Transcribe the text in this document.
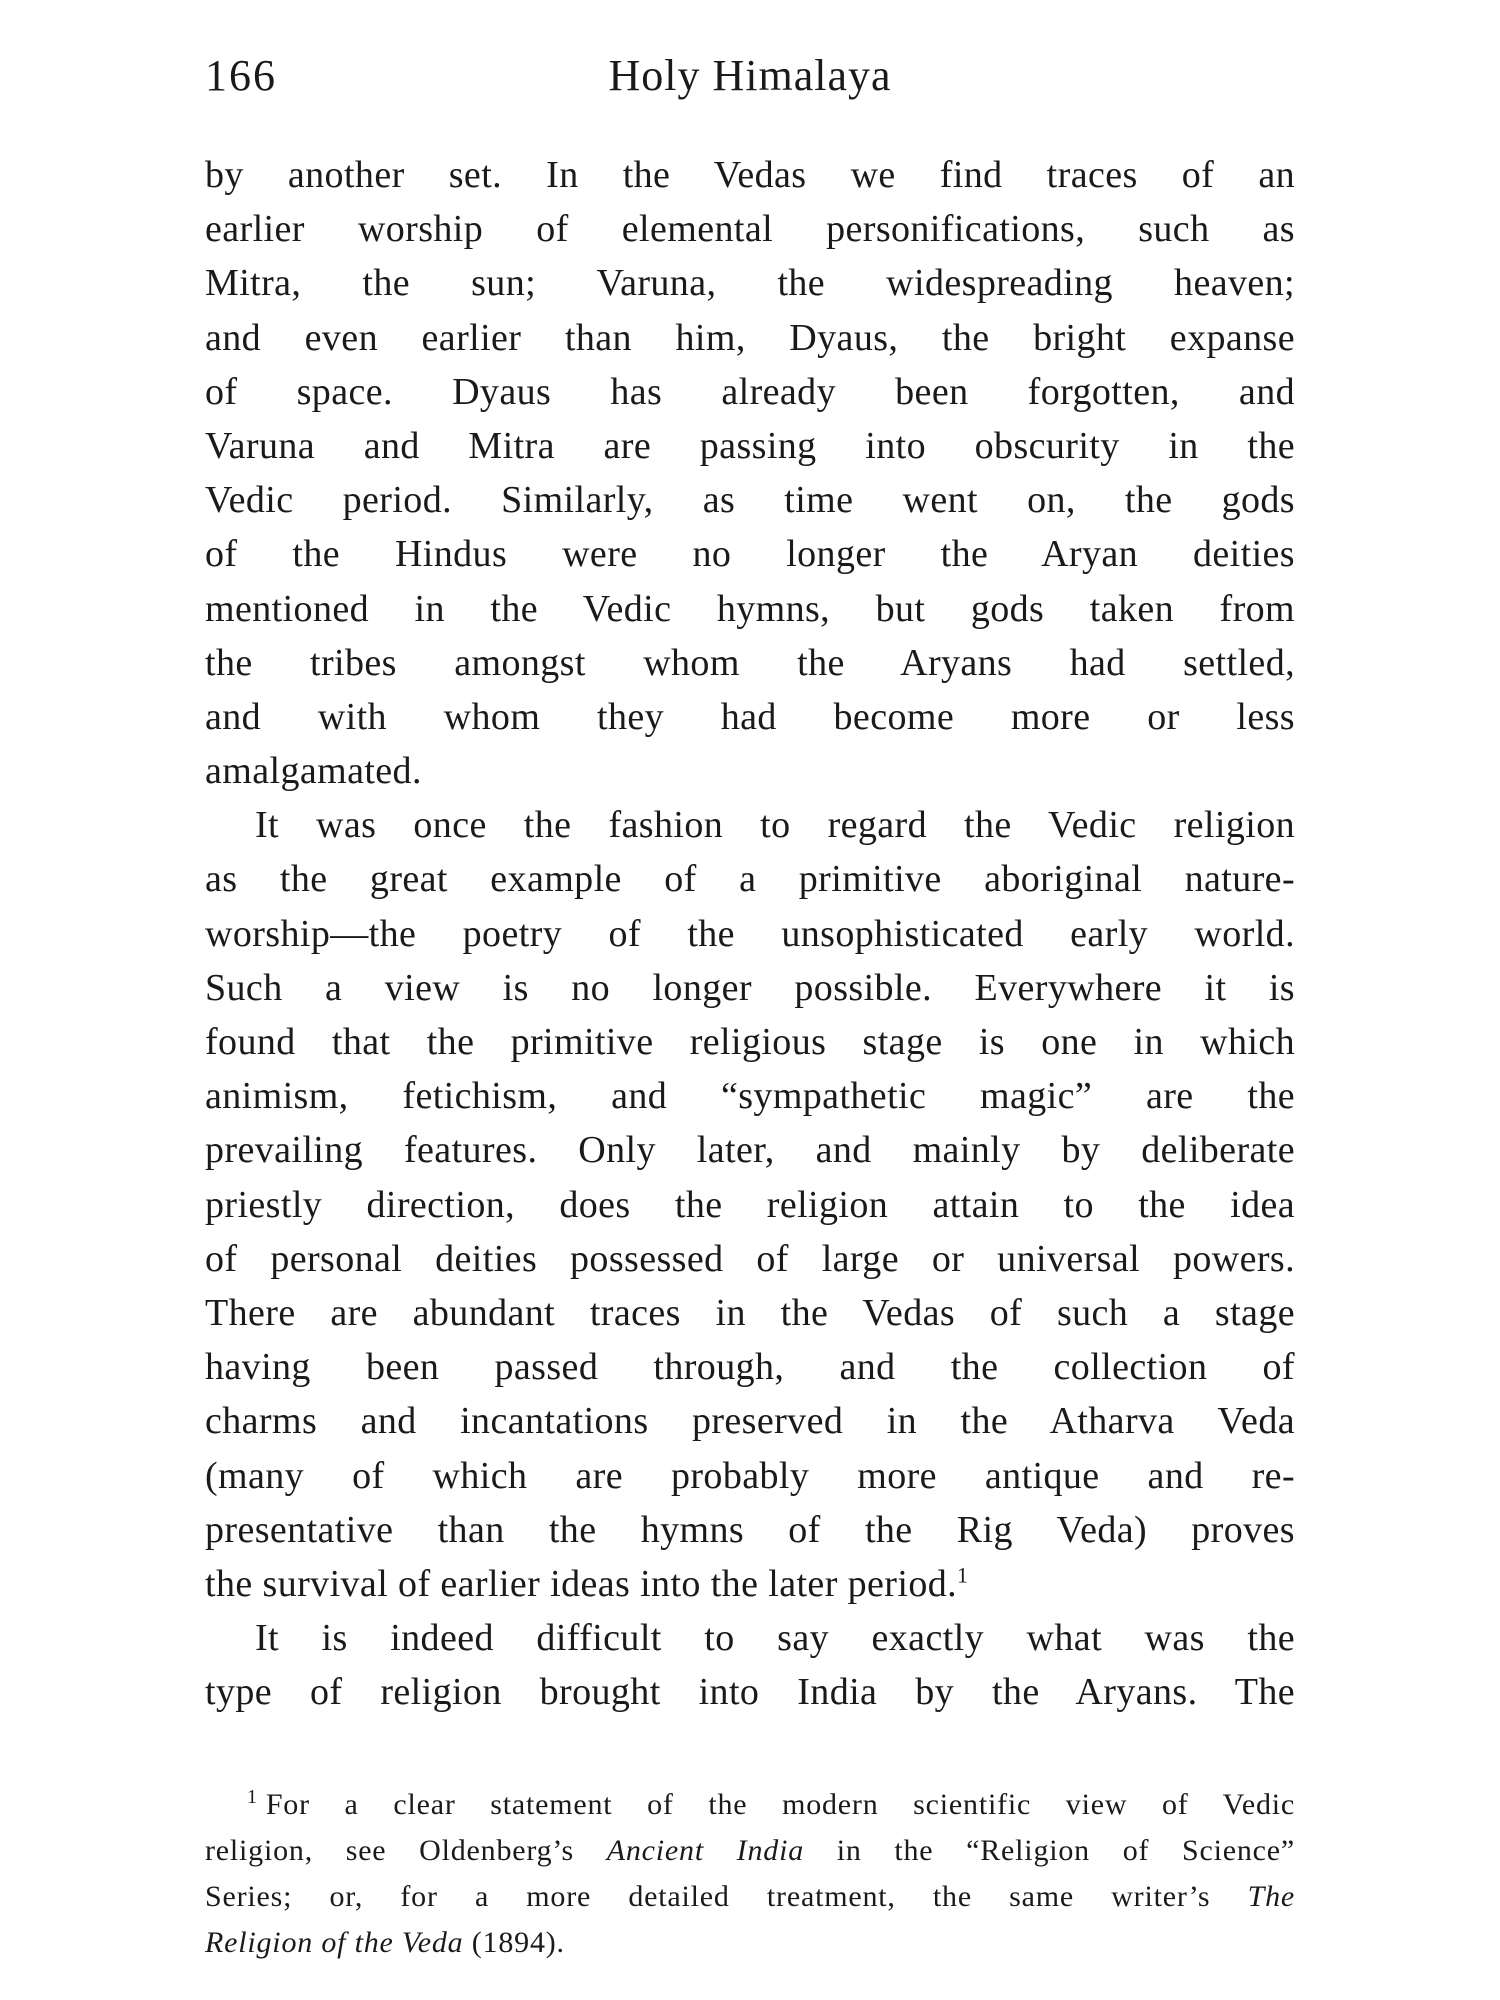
166	Holy Himalaya
by another set. In the Vedas we find traces of an
earlier worship of elemental personifications, such as
Mitra, the sun; Varuna, the widespreading heaven;
and even earlier than him, Dyaus, the bright expanse
of space. Dyaus has already been forgotten, and
Varuna and Mitra are passing into obscurity in the
Vedic period. Similarly, as time went on, the gods
of the Hindus were no longer the Aryan deities
mentioned in the Vedic hymns, but gods taken from
the tribes amongst whom the Aryans had settled,
and with whom they had become more or less
amalgamated.
It was once the fashion to regard the Vedic religion
as the great example of a primitive aboriginal nature-
worship—the poetry of the unsophisticated early world.
Such a view is no longer possible. Everywhere it is
found that the primitive religious stage is one in which
animism, fetichism, and “sympathetic magic” are the
prevailing features. Only later, and mainly by deliberate
priestly direction, does the religion attain to the idea
of personal deities possessed of large or universal powers.
There are abundant traces in the Vedas of such a stage
having been passed through, and the collection of
charms and incantations preserved in the Atharva Veda
(many of which are probably more antique and re-
presentative than the hymns of the Rig Veda) proves
the survival of earlier ideas into the later period.$^1$
It is indeed difficult to say exactly what was the
type of religion brought into India by the Aryans. The
$^1$ For a clear statement of the modern scientific view of Vedic
religion, see Oldenberg’s Ancient India in the “Religion of Science”
Series; or, for a more detailed treatment, the same writer’s The
Religion of the Veda (1894).
